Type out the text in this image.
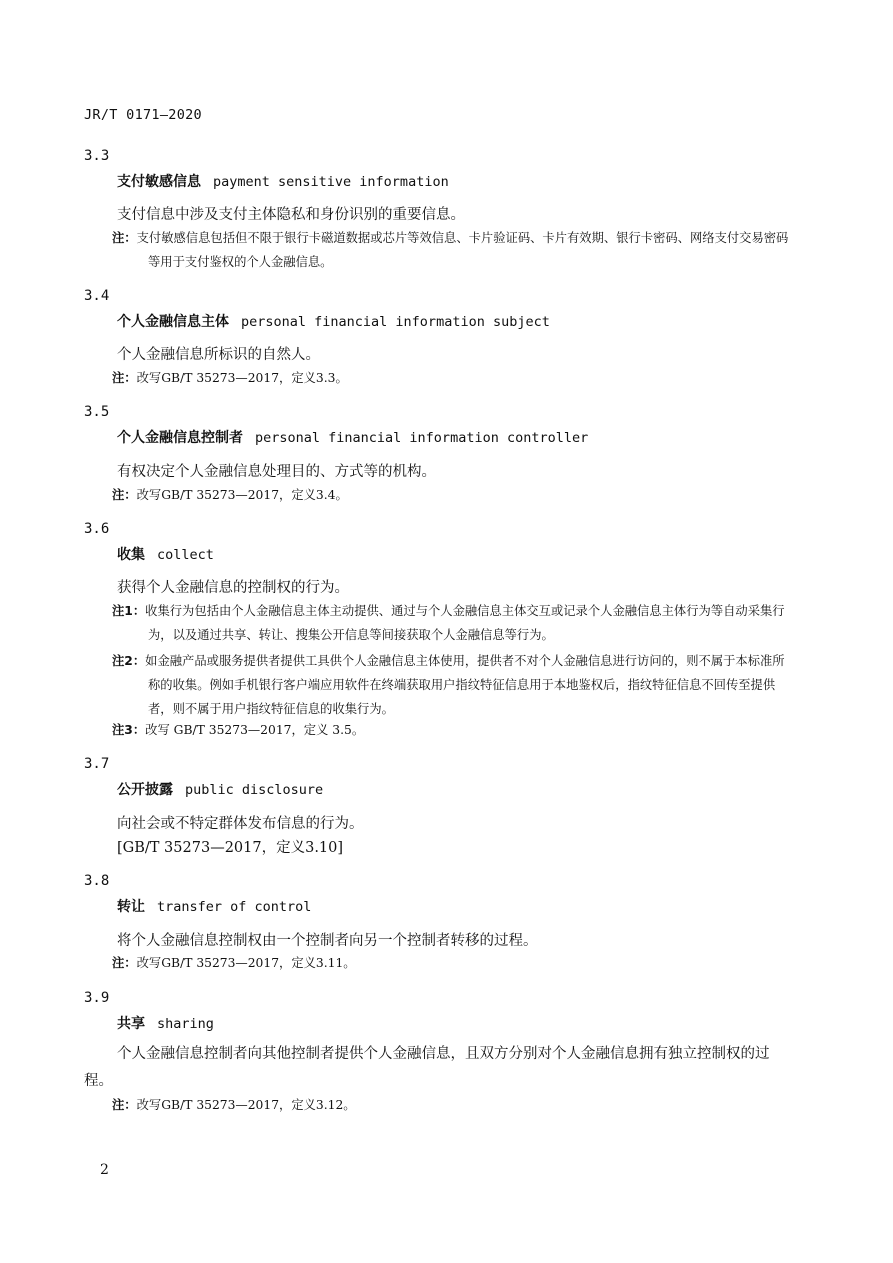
JR/T 0171—2020
3.3
支付敏感信息 payment sensitive information
支付信息中涉及支付主体隐私和身份识别的重要信息。
注：支付敏感信息包括但不限于银行卡磁道数据或芯片等效信息、卡片验证码、卡片有效期、银行卡密码、网络支付交易密码等用于支付鉴权的个人金融信息。
3.4
个人金融信息主体 personal financial information subject
个人金融信息所标识的自然人。
注：改写GB/T 35273—2017，定义3.3。
3.5
个人金融信息控制者 personal financial information controller
有权决定个人金融信息处理目的、方式等的机构。
注：改写GB/T 35273—2017，定义3.4。
3.6
收集 collect
获得个人金融信息的控制权的行为。
注1：收集行为包括由个人金融信息主体主动提供、通过与个人金融信息主体交互或记录个人金融信息主体行为等自动采集行为，以及通过共享、转让、搜集公开信息等间接获取个人金融信息等行为。
注2：如金融产品或服务提供者提供工具供个人金融信息主体使用，提供者不对个人金融信息进行访问的，则不属于本标准所称的收集。例如手机银行客户端应用软件在终端获取用户指纹特征信息用于本地鉴权后，指纹特征信息不回传至提供者，则不属于用户指纹特征信息的收集行为。
注3：改写 GB/T 35273—2017，定义 3.5。
3.7
公开披露 public disclosure
向社会或不特定群体发布信息的行为。
[GB/T 35273—2017，定义3.10]
3.8
转让 transfer of control
将个人金融信息控制权由一个控制者向另一个控制者转移的过程。
注：改写GB/T 35273—2017，定义3.11。
3.9
共享 sharing
个人金融信息控制者向其他控制者提供个人金融信息，且双方分别对个人金融信息拥有独立控制权的过程。
注：改写GB/T 35273—2017，定义3.12。
2
